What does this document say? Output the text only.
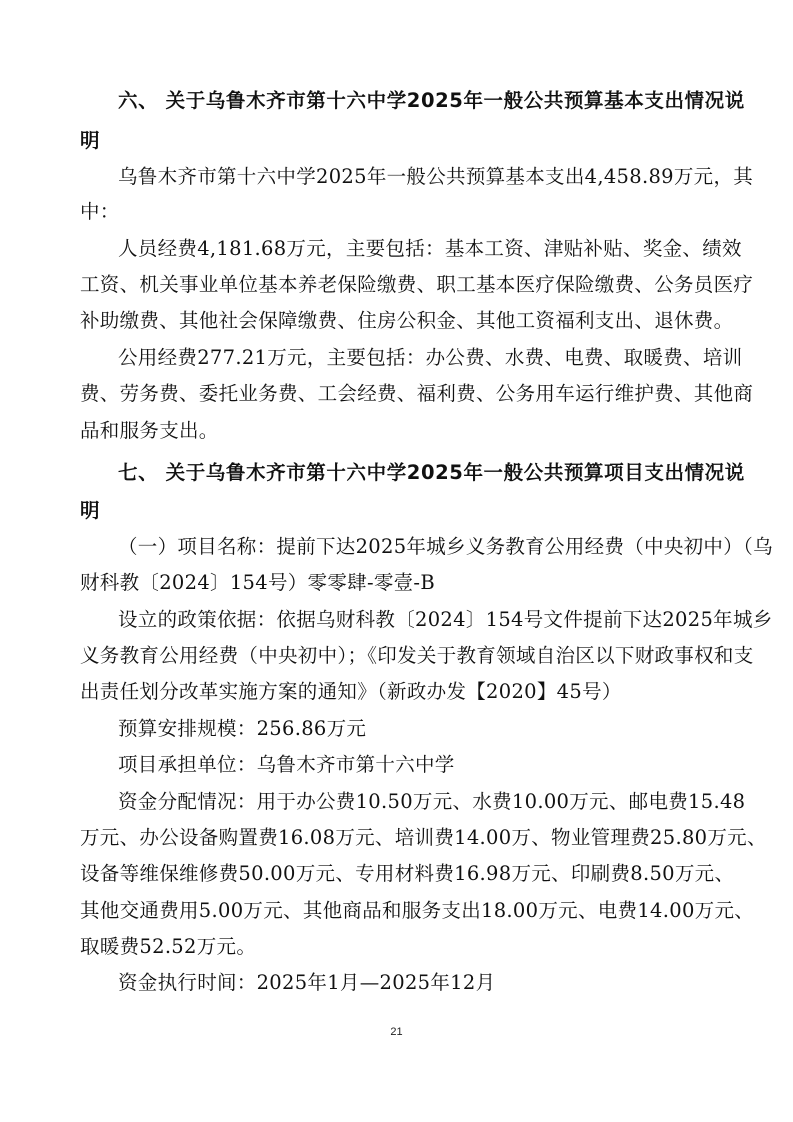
六、 关于乌鲁木齐市第十六中学2025年一般公共预算基本支出情况说
明
乌鲁木齐市第十六中学2025年一般公共预算基本支出4,458.89万元，其
中：
人员经费4,181.68万元，主要包括：基本工资、津贴补贴、奖金、绩效
工资、机关事业单位基本养老保险缴费、职工基本医疗保险缴费、公务员医疗
补助缴费、其他社会保障缴费、住房公积金、其他工资福利支出、退休费。
公用经费277.21万元，主要包括：办公费、水费、电费、取暖费、培训
费、劳务费、委托业务费、工会经费、福利费、公务用车运行维护费、其他商
品和服务支出。
七、 关于乌鲁木齐市第十六中学2025年一般公共预算项目支出情况说
明
（一）项目名称：提前下达2025年城乡义务教育公用经费（中央初中）（乌
财科教〔2024〕154号）零零肆-零壹-B
设立的政策依据：依据乌财科教〔2024〕154号文件提前下达2025年城乡
义务教育公用经费（中央初中）；《印发关于教育领域自治区以下财政事权和支
出责任划分改革实施方案的通知》（新政办发【2020】45号）
预算安排规模：256.86万元
项目承担单位：乌鲁木齐市第十六中学
资金分配情况：用于办公费10.50万元、水费10.00万元、邮电费15.48
万元、办公设备购置费16.08万元、培训费14.00万、物业管理费25.80万元、
设备等维保维修费50.00万元、专用材料费16.98万元、印刷费8.50万元、
其他交通费用5.00万元、其他商品和服务支出18.00万元、电费14.00万元、
取暖费52.52万元。
资金执行时间：2025年1月—2025年12月
21
